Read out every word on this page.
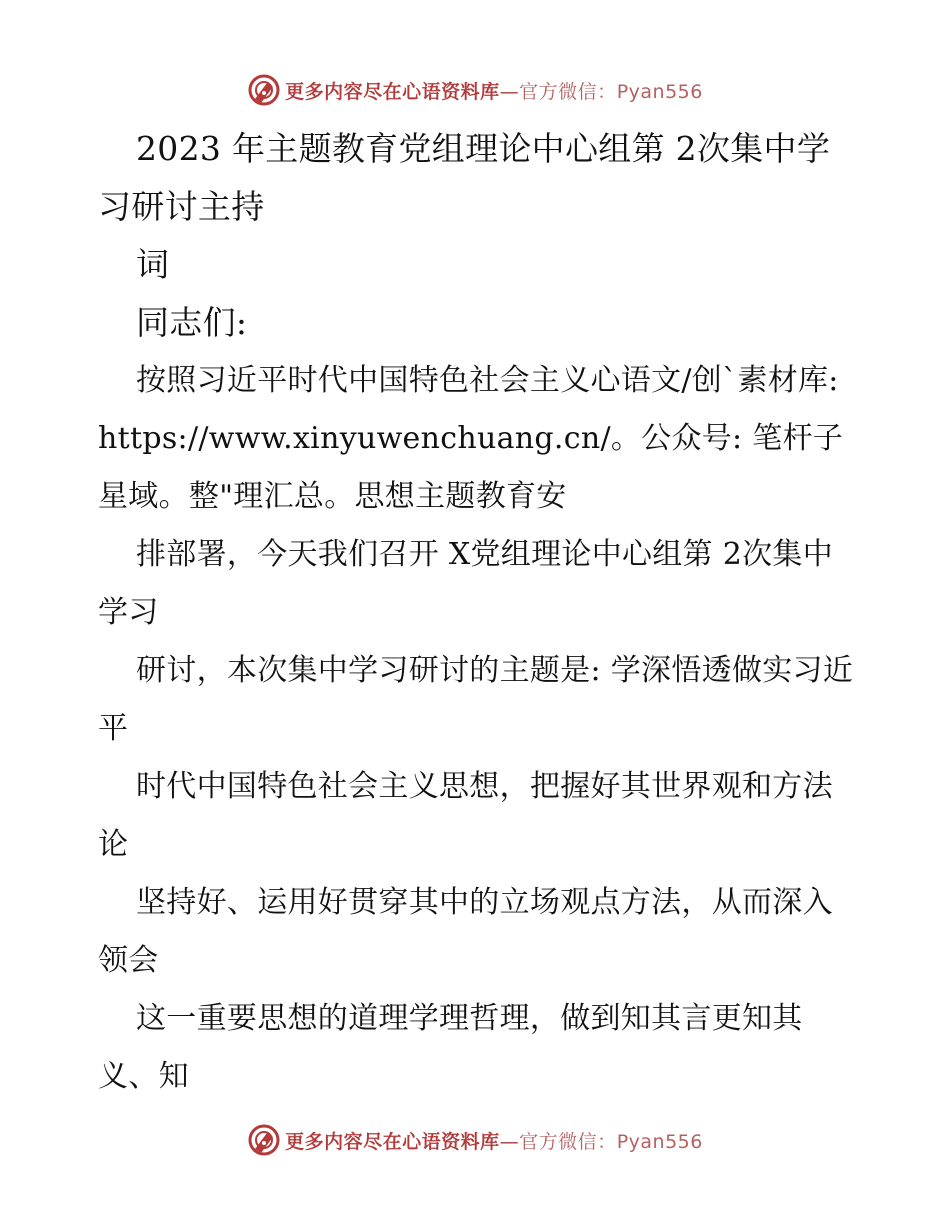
更多内容尽在心语资料库—官方微信：Pyan556

2023 年主题教育党组理论中心组第 2次集中学习研讨主持

词

同志们:

按照习近平时代中国特色社会主义心语文/创`素材库: https://www.xinyuwenchuang.cn/。公众号: 笔杆子星域。整"理汇总。思想主题教育安

排部署，今天我们召开 X党组理论中心组第 2次集中学习

研讨，本次集中学习研讨的主题是: 学深悟透做实习近平

时代中国特色社会主义思想，把握好其世界观和方法论

坚持好、运用好贯穿其中的立场观点方法，从而深入领会

这一重要思想的道理学理哲理，做到知其言更知其义、知

更多内容尽在心语资料库—官方微信：Pyan556
